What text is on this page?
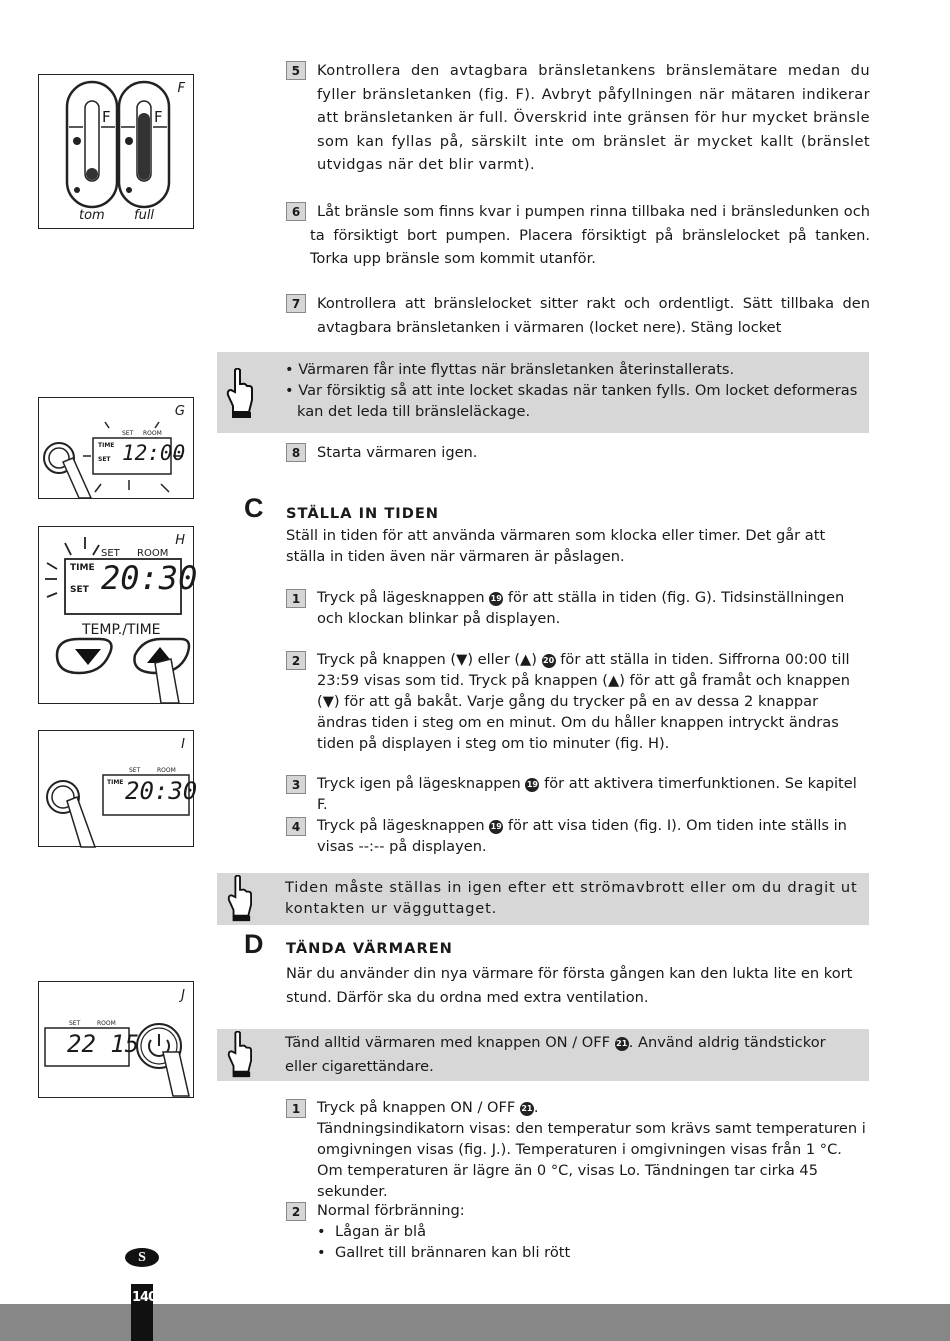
F
F	F
tom full
G
SET ROOM
TIME
SET 12:00
H
SET ROOM
TIME
SET 20:30
TEMP./TIME
I
SET	ROOM
TIME 20:30
J
SET	ROOM
22 15
5	Kontrollera den avtagbara bränsletankens bränslemätare medan du fyller bränsletanken (fig. F). Avbryt påfyllningen när mätaren indikerar att bränsletanken är full. Överskrid inte gränsen för hur mycket bränsle som kan fyllas på, särskilt inte om bränslet är mycket kallt (bränslet utvidgas när det blir varmt).
6	Låt bränsle som finns kvar i pumpen rinna tillbaka ned i bränsledunken och ta försiktigt bort pumpen. Placera försiktigt på bränslelocket på tanken. Torka upp bränsle som kommit utanför.
7	Kontrollera att bränslelocket sitter rakt och ordentligt. Sätt tillbaka den avtagbara bränsletanken i värmaren (locket nere). Stäng locket
• Värmaren får inte flyttas när bränsletanken återinstallerats.
• Var försiktig så att inte locket skadas när tanken fylls. Om locket deformeras kan det leda till bränsleläckage.
8	Starta värmaren igen.
C STÄLLA IN TIDEN
Ställ in tiden för att använda värmaren som klocka eller timer. Det går att ställa in tiden även när värmaren är påslagen.
1	Tryck på lägesknappen 19 för att ställa in tiden (fig. G). Tidsinställningen och klockan blinkar på displayen.
2	Tryck på knappen (▼) eller (▲) 20 för att ställa in tiden. Siffrorna 00:00 till 23:59 visas som tid. Tryck på knappen (▲) för att gå framåt och knappen (▼) för att gå bakåt. Varje gång du trycker på en av dessa 2 knappar ändras tiden i steg om en minut. Om du håller knappen intryckt ändras tiden på displayen i steg om tio minuter (fig. H).
3	Tryck igen på lägesknappen 19 för att aktivera timerfunktionen. Se kapitel F.
4	Tryck på lägesknappen 19 för att visa tiden (fig. I). Om tiden inte ställs in visas --:-- på displayen.
Tiden måste ställas in igen efter ett strömavbrott eller om du dragit ut kontakten ur vägguttaget.
D TÄNDA VÄRMAREN
När du använder din nya värmare för första gången kan den lukta lite en kort stund. Därför ska du ordna med extra ventilation.
Tänd alltid värmaren med knappen ON / OFF 21. Använd aldrig tändstickor eller cigarettändare.
1	Tryck på knappen ON / OFF 21.
Tändningsindikatorn visas: den temperatur som krävs samt temperaturen i omgivningen visas (fig. J.). Temperaturen i omgivningen visas från 1 °C. Om temperaturen är lägre än 0 °C, visas Lo. Tändningen tar cirka 45 sekunder.
2	Normal förbränning:
• Lågan är blå
• Gallret till brännaren kan bli rött
S
140
